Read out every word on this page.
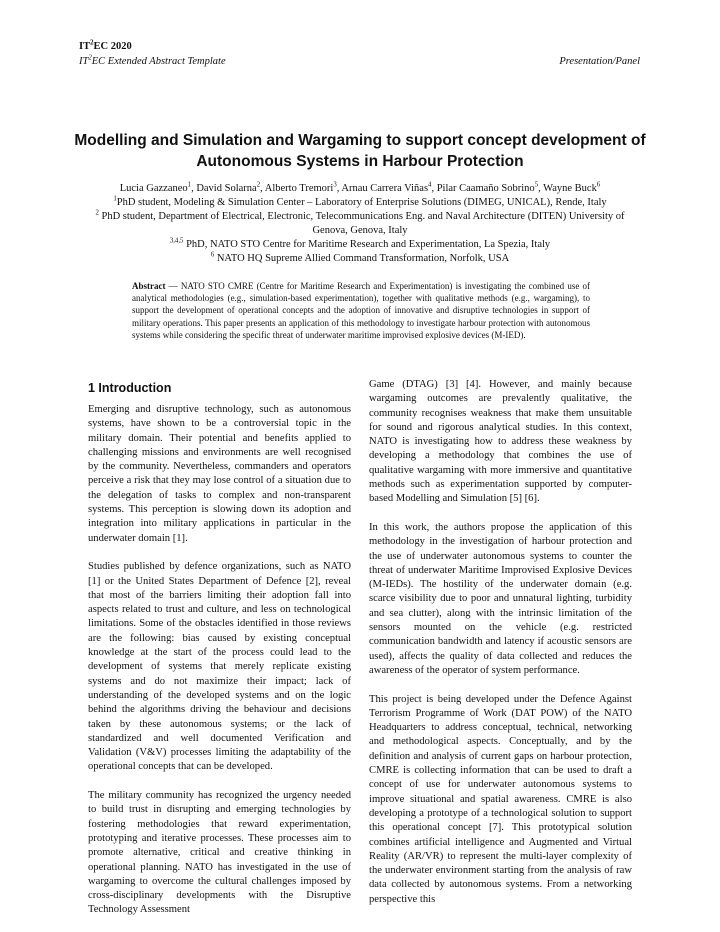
$IT^2EC$ 2020
$IT^2EC$ Extended Abstract Template	Presentation/Panel
Modelling and Simulation and Wargaming to support concept development of Autonomous Systems in Harbour Protection
Lucia Gazzaneo$^1$, David Solarna$^2$, Alberto Tremori$^3$, Arnau Carrera Viñas$^4$, Pilar Caamaño Sobrino$^5$, Wayne Buck$^6$
$^1$PhD student, Modeling & Simulation Center – Laboratory of Enterprise Solutions (DIMEG, UNICAL), Rende, Italy
$^2$ PhD student, Department of Electrical, Electronic, Telecommunications Eng. and Naval Architecture (DITEN) University of
Genova, Genova, Italy
$^{3,4,5}$ PhD, NATO STO Centre for Maritime Research and Experimentation, La Spezia, Italy
$^6$ NATO HQ Supreme Allied Command Transformation, Norfolk, USA
Abstract — NATO STO CMRE (Centre for Maritime Research and Experimentation) is investigating the combined use of analytical methodologies (e.g., simulation-based experimentation), together with qualitative methods (e.g., wargaming), to support the development of operational concepts and the adoption of innovative and disruptive technologies in support of military operations. This paper presents an application of this methodology to investigate harbour protection with autonomous systems while considering the specific threat of underwater maritime improvised explosive devices (M-IED).
1 Introduction

Emerging and disruptive technology, such as autonomous systems, have shown to be a controversial topic in the military domain. Their potential and benefits applied to challenging missions and environments are well recognised by the community. Nevertheless, commanders and operators perceive a risk that they may lose control of a situation due to the delegation of tasks to complex and non-transparent systems. This perception is slowing down its adoption and integration into military applications in particular in the underwater domain [1].

Studies published by defence organizations, such as NATO [1] or the United States Department of Defence [2], reveal that most of the barriers limiting their adoption fall into aspects related to trust and culture, and less on technological limitations. Some of the obstacles identified in those reviews are the following: bias caused by existing conceptual knowledge at the start of the process could lead to the development of systems that merely replicate existing systems and do not maximize their impact; lack of understanding of the developed systems and on the logic behind the algorithms driving the behaviour and decisions taken by these autonomous systems; or the lack of standardized and well documented Verification and Validation (V&V) processes limiting the adaptability of the operational concepts that can be developed.

The military community has recognized the urgency needed to build trust in disrupting and emerging technologies by fostering methodologies that reward experimentation, prototyping and iterative processes. These processes aim to promote alternative, critical and creative thinking in operational planning. NATO has investigated in the use of wargaming to overcome the cultural challenges imposed by cross-disciplinary developments with the Disruptive Technology Assessment

Game (DTAG) [3] [4]. However, and mainly because wargaming outcomes are prevalently qualitative, the community recognises weakness that make them unsuitable for sound and rigorous analytical studies. In this context, NATO is investigating how to address these weakness by developing a methodology that combines the use of qualitative wargaming with more immersive and quantitative methods such as experimentation supported by computer-based Modelling and Simulation [5] [6].

In this work, the authors propose the application of this methodology in the investigation of harbour protection and the use of underwater autonomous systems to counter the threat of underwater Maritime Improvised Explosive Devices (M-IEDs). The hostility of the underwater domain (e.g. scarce visibility due to poor and unnatural lighting, turbidity and sea clutter), along with the intrinsic limitation of the sensors mounted on the vehicle (e.g. restricted communication bandwidth and latency if acoustic sensors are used), affects the quality of data collected and reduces the awareness of the operator of system performance.

This project is being developed under the Defence Against Terrorism Programme of Work (DAT POW) of the NATO Headquarters to address conceptual, technical, networking and methodological aspects. Conceptually, and by the definition and analysis of current gaps on harbour protection, CMRE is collecting information that can be used to draft a concept of use for underwater autonomous systems to improve situational and spatial awareness. CMRE is also developing a prototype of a technological solution to support this operational concept [7]. This prototypical solution combines artificial intelligence and Augmented and Virtual Reality (AR/VR) to represent the multi-layer complexity of the underwater environment starting from the analysis of raw data collected by autonomous systems. From a networking perspective this
